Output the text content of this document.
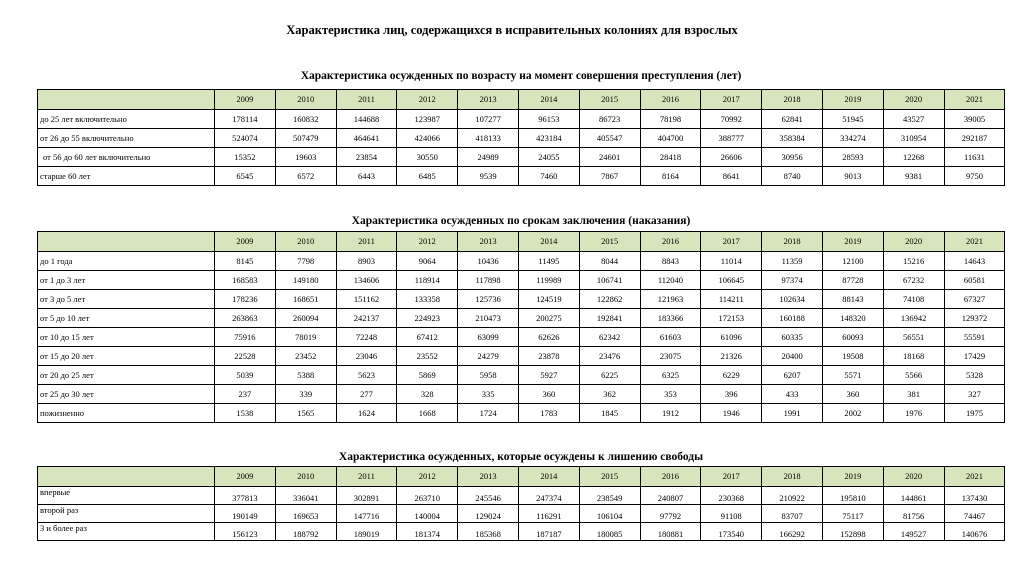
Характеристика лиц, содержащихся в исправительных колониях для взрослых
Характеристика осужденных по возрасту на момент совершения преступления (лет)
	2009	2010	2011	2012	2013	2014	2015	2016	2017	2018	2019	2020	2021
до 25 лет включительно	178114	160832	144688	123987	107277	96153	86723	78198	70992	62841	51945	43527	39005
от 26 до 55 включительно	524074	507479	464641	424066	418133	423184	405547	404700	388777	358384	334274	310954	292187
от 56 до 60 лет включительно	15352	19603	23854	30550	24989	24055	24601	28418	26606	30956	28593	12268	11631
старше 60 лет	6545	6572	6443	6485	9539	7460	7867	8164	8641	8740	9013	9381	9750
Характеристика осужденных по срокам заключения (наказания)
	2009	2010	2011	2012	2013	2014	2015	2016	2017	2018	2019	2020	2021
до 1 года	8145	7798	8903	9064	10436	11495	8044	8843	11014	11359	12100	15216	14643
от 1 до 3 лет	168583	149180	134606	118914	117898	119989	106741	112040	106645	97374	87728	67232	60581
от 3 до 5 лет	178236	168651	151162	133358	125736	124519	122862	121963	114211	102634	88143	74108	67327
от 5 до 10 лет	263863	260094	242137	224923	210473	200275	192841	183366	172153	160188	148320	136942	129372
от 10 до 15 лет	75916	78019	72248	67412	63099	62626	62342	61603	61096	60335	60093	56551	55591
от 15 до 20 лет	22528	23452	23046	23552	24279	23878	23476	23075	21326	20400	19508	18168	17429
от 20 до 25 лет	5039	5388	5623	5869	5958	5927	6225	6325	6229	6207	5571	5566	5328
от 25 до 30 лет	237	339	277	328	335	360	362	353	396	433	360	381	327
пожизненно	1538	1565	1624	1668	1724	1783	1845	1912	1946	1991	2002	1976	1975
Характеристика осужденных, которые осуждены к лишению свободы
	2009	2010	2011	2012	2013	2014	2015	2016	2017	2018	2019	2020	2021
впервые	377813	336041	302891	263710	245546	247374	238549	240807	230368	210922	195810	144861	137430
второй раз	190149	169653	147716	140004	129024	116291	106104	97792	91108	83707	75117	81756	74467
3 и более раз	156123	188792	189019	181374	185368	187187	180085	180881	173540	166292	152898	149527	140676
